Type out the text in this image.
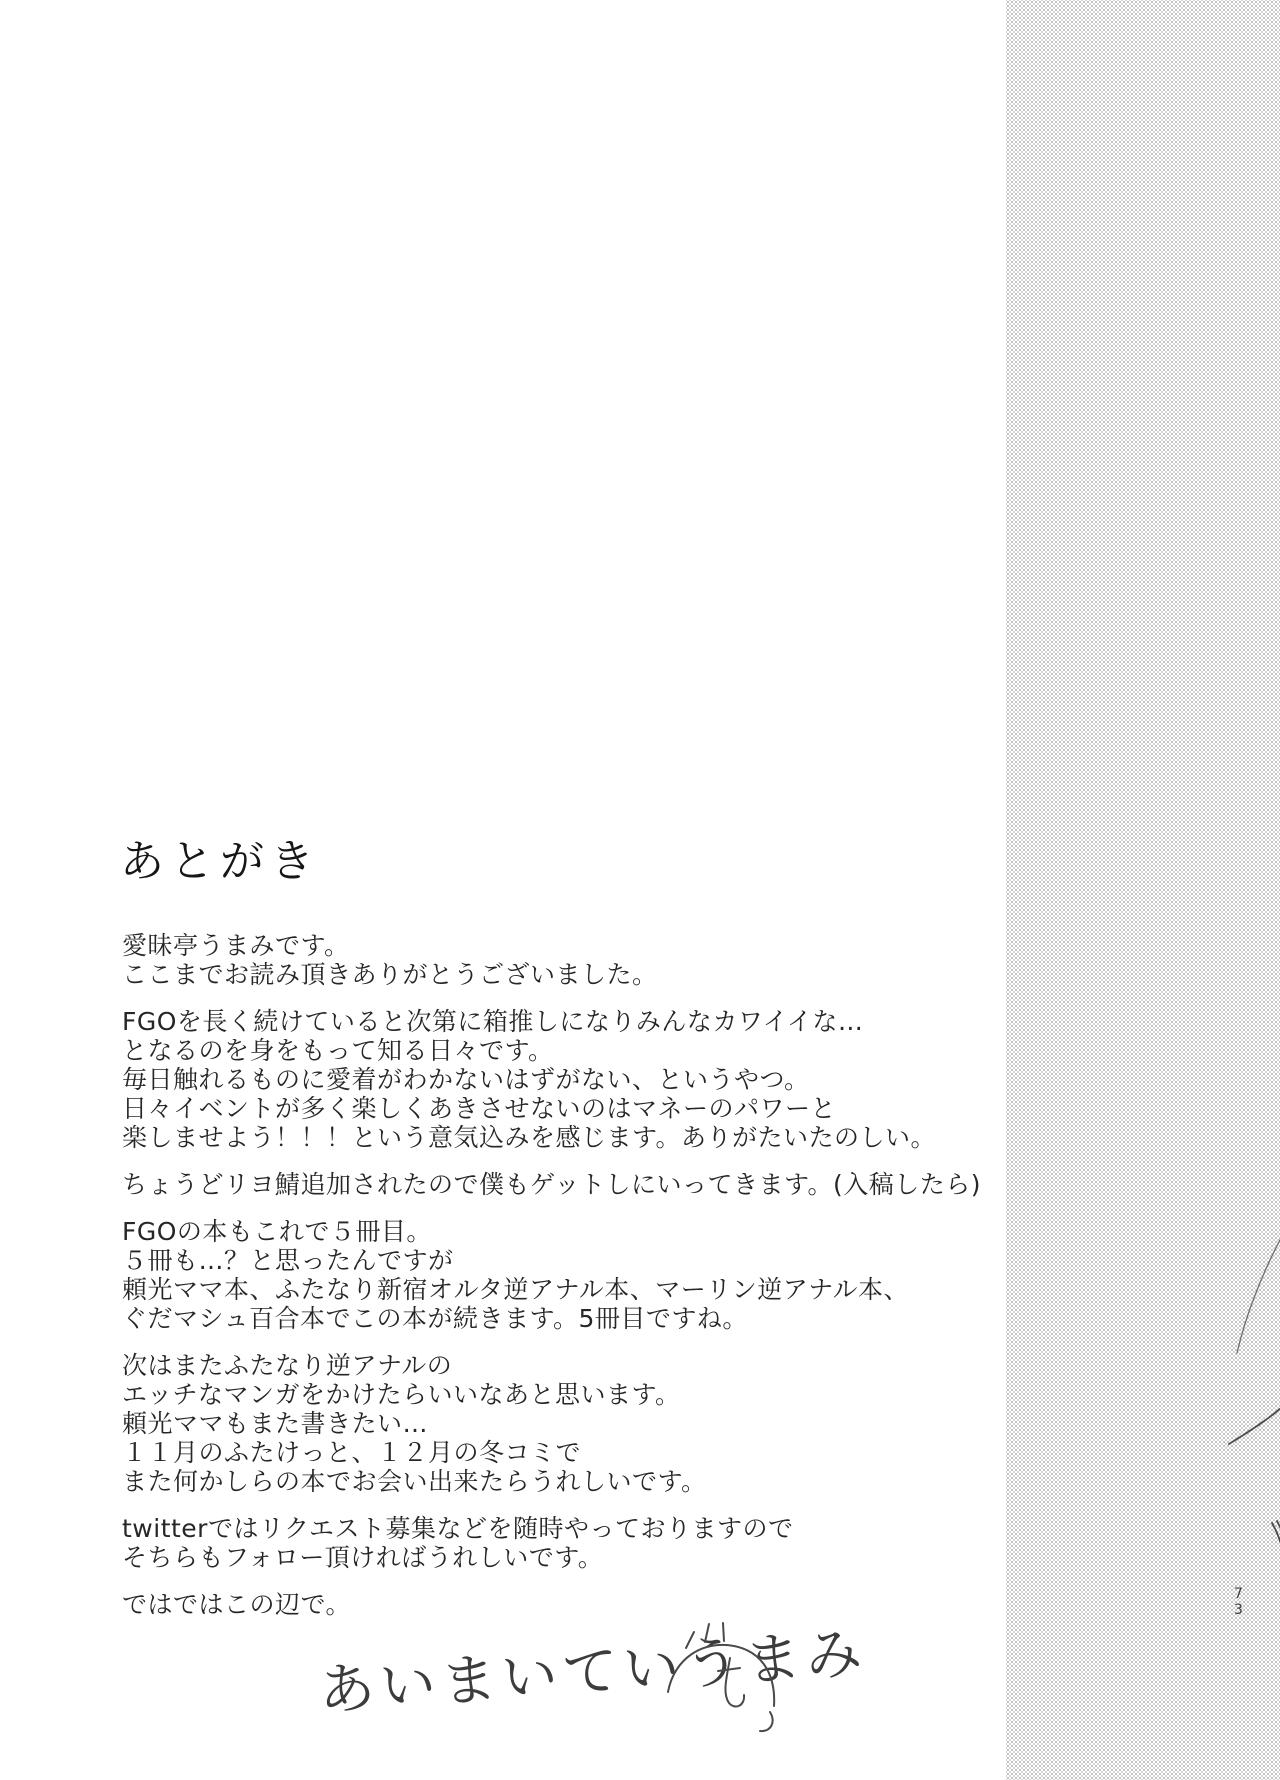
あとがき
愛昧亭うまみです。
ここまでお読み頂きありがとうございました。
FGOを長く続けていると次第に箱推しになりみんなカワイイな…
となるのを身をもって知る日々です。
毎日触れるものに愛着がわかないはずがない、というやつ。
日々イベントが多く楽しくあきさせないのはマネーのパワーと
楽しませよう！！！という意気込みを感じます。ありがたいたのしい。
ちょうどリヨ鯖追加されたので僕もゲットしにいってきます。(入稿したら)
FGOの本もこれで５冊目。
５冊も…？と思ったんですが
頼光ママ本、ふたなり新宿オルタ逆アナル本、マーリン逆アナル本、
ぐだマシュ百合本でこの本が続きます。5冊目ですね。
次はまたふたなり逆アナルの
エッチなマンガをかけたらいいなあと思います。
頼光ママもまた書きたい…
１１月のふたけっと、１２月の冬コミで
また何かしらの本でお会い出来たらうれしいです。
twitterではリクエスト募集などを随時やっておりますので
そちらもフォロー頂ければうれしいです。
ではではこの辺で。
あいまいていうまみ
73
